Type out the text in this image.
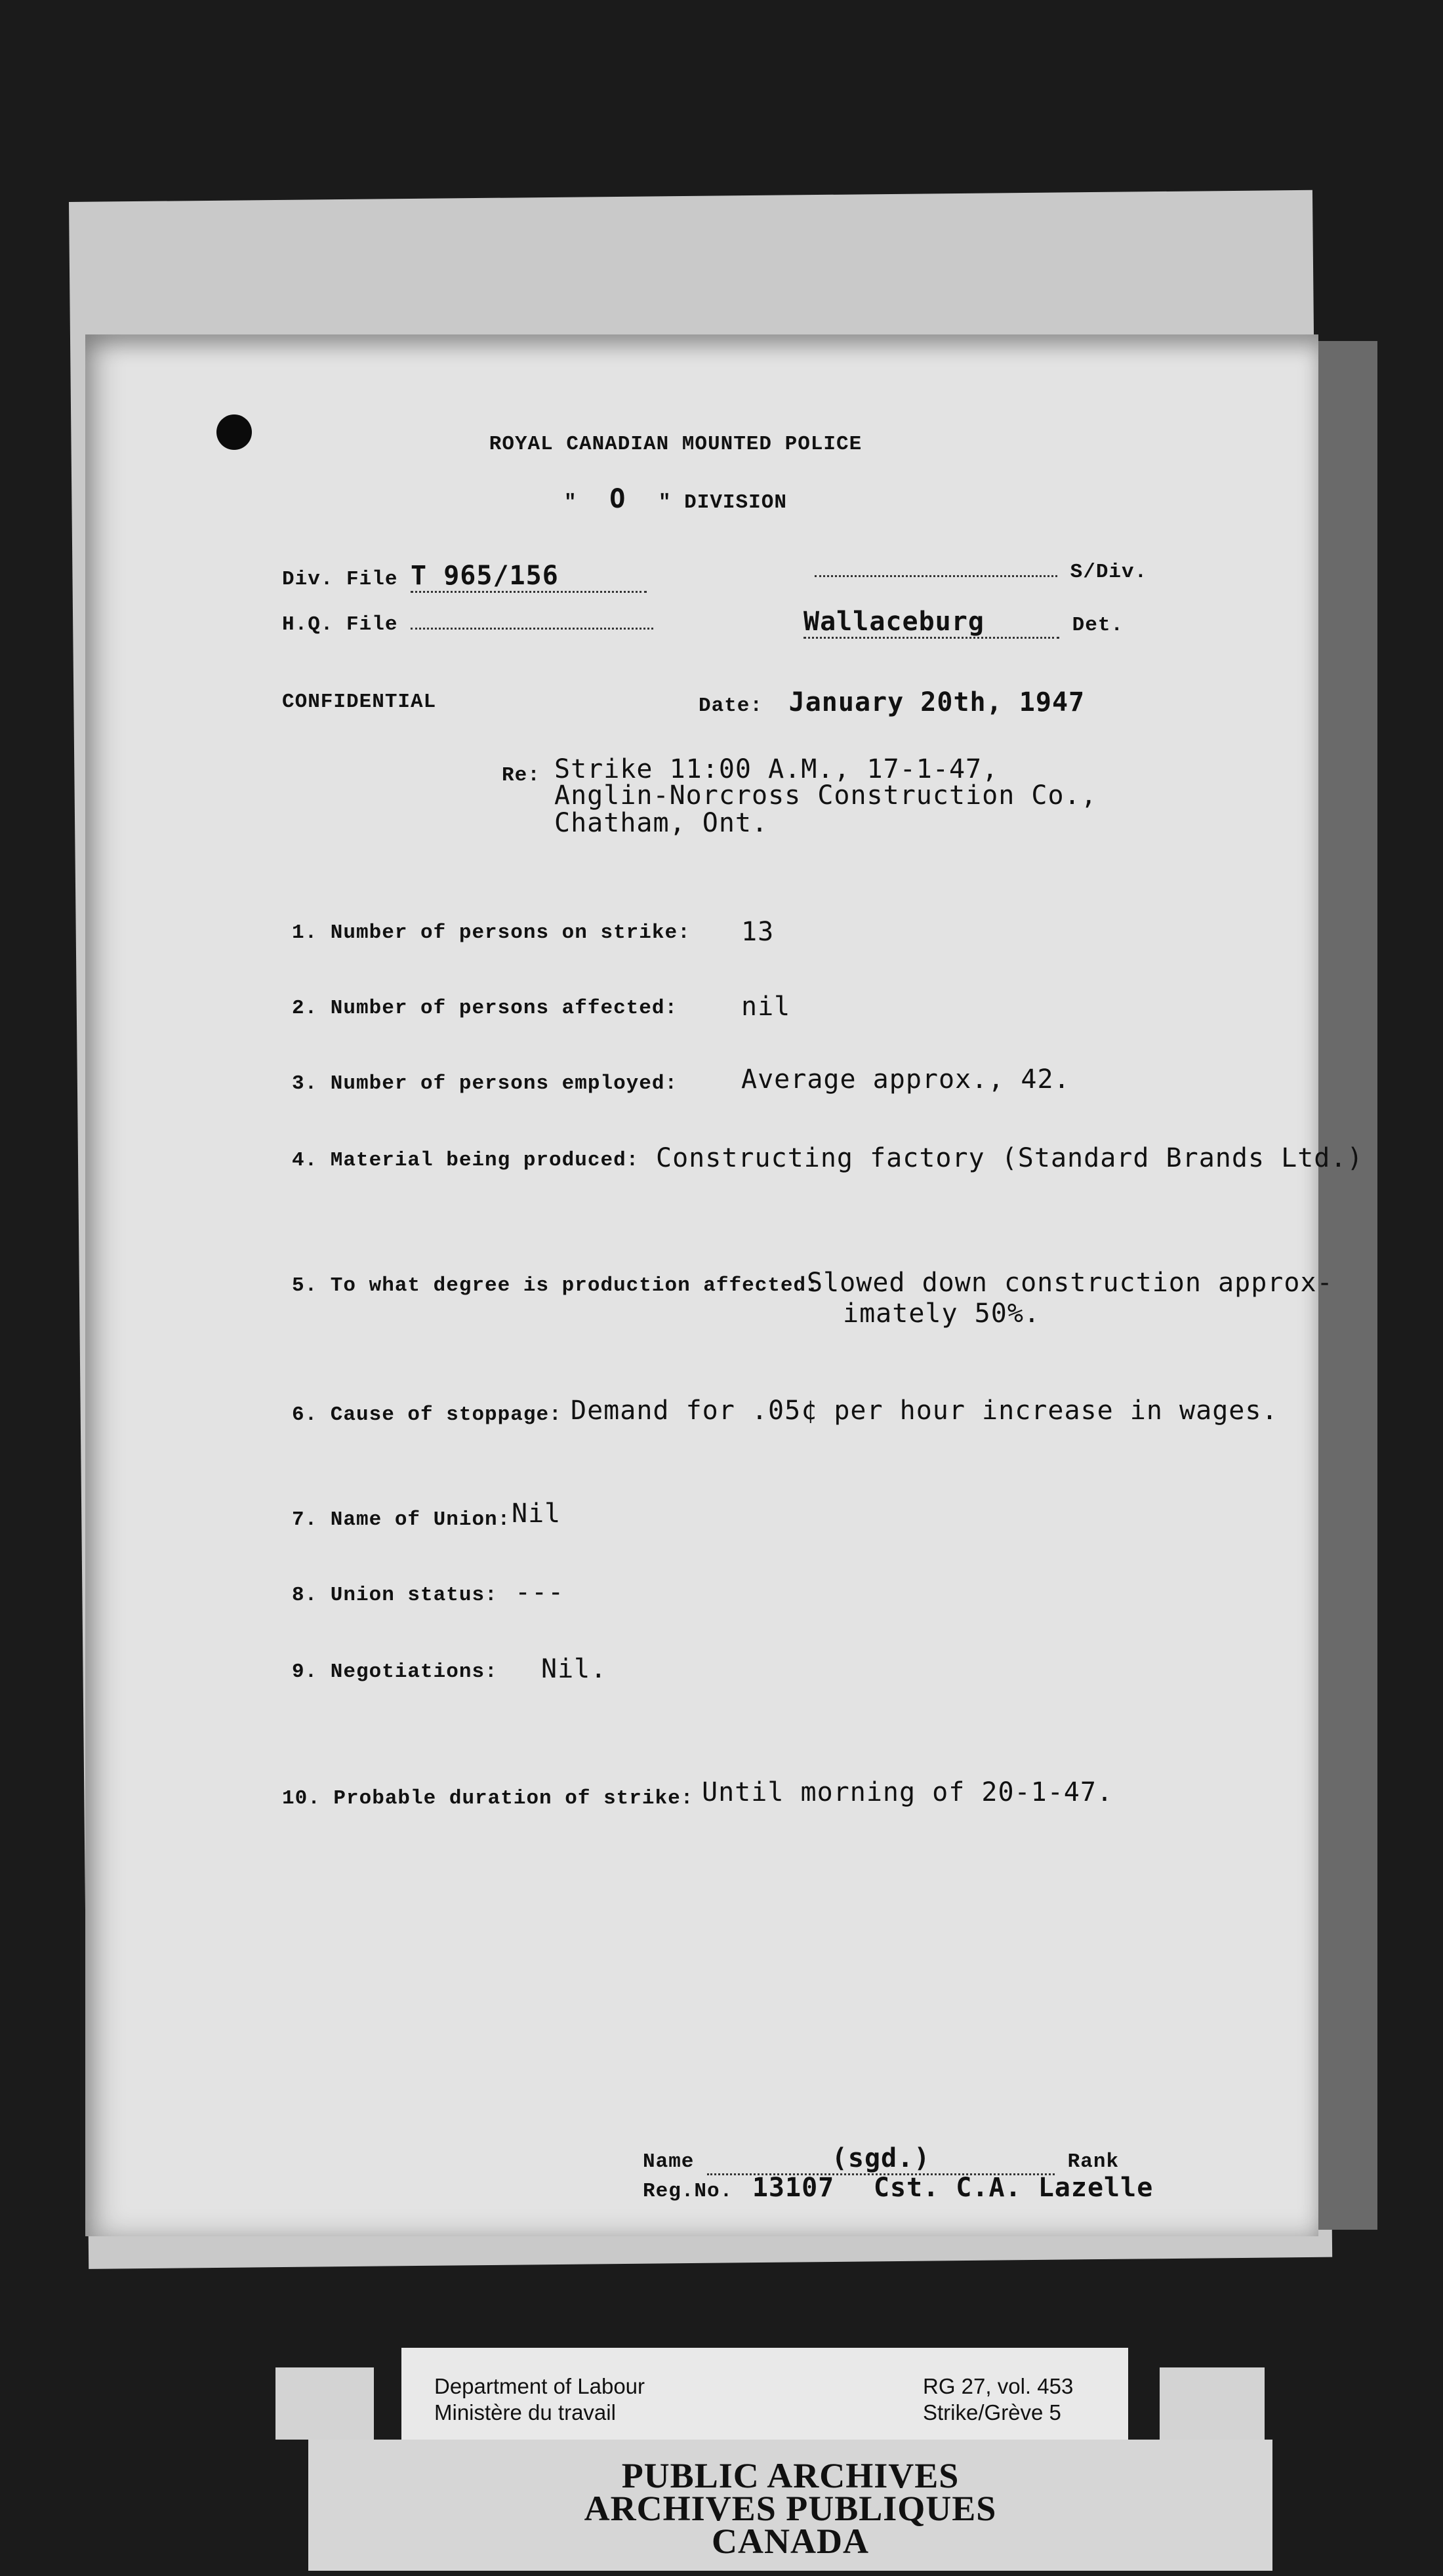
ROYAL CANADIAN MOUNTED POLICE
" O " DIVISION
Div. File T 965/156	S/Div.
H.Q. File	Wallaceburg	Det.
CONFIDENTIAL	Date: January 20th, 1947
Re: Strike 11:00 A.M., 17-1-47,
Anglin-Norcross Construction Co.,
Chatham, Ont.
1. Number of persons on strike: 13
2. Number of persons affected: nil
3. Number of persons employed: Average approx., 42.
4. Material being produced: Constructing factory (Standard Brands Ltd.)
5. To what degree is production affected:
Slowed down construction approx-
imately 50%.
6. Cause of stoppage: Demand for .05¢ per hour increase in wages.
7. Name of Union: Nil
8. Union status: ---
9. Negotiations: Nil.
10. Probable duration of strike: Until morning of 20-1-47.
Name	(sgd.)	Rank
Reg.No. 13107 Cst. C.A. Lazelle
Department of Labour
Ministère du travail
RG 27, vol. 453
Strike/Grève 5
PUBLIC ARCHIVES
ARCHIVES PUBLIQUES
CANADA
